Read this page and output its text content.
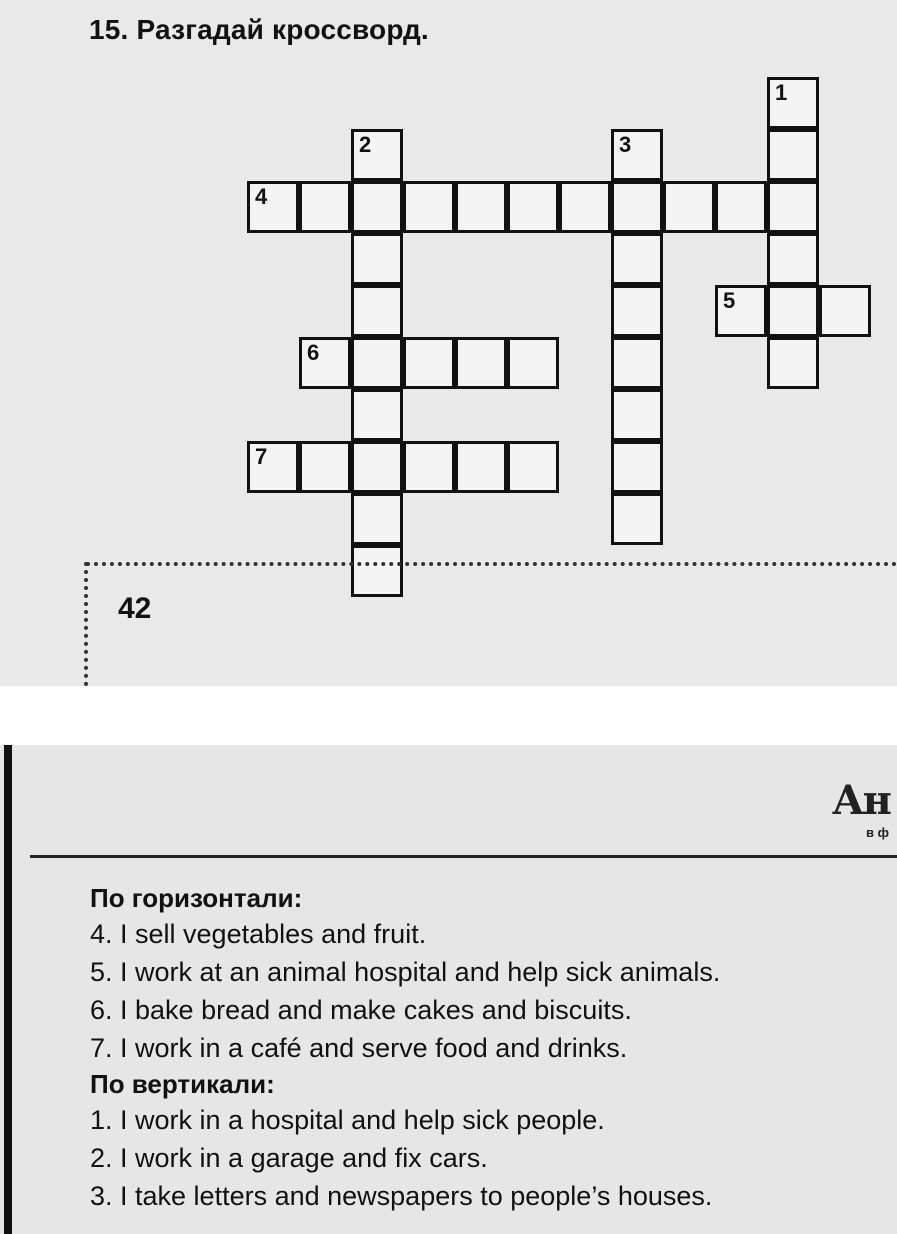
15. Разгадай кроссворд.
1
2	3
4
5
6
7
42
Ан
в ф

По горизонтали:

4. I sell vegetables and fruit.

5. I work at an animal hospital and help sick animals.

6. I bake bread and make cakes and biscuits.

7. I work in a café and serve food and drinks.

По вертикали:

1. I work in a hospital and help sick people.

2. I work in a garage and fix cars.

3. I take letters and newspapers to people’s houses.
